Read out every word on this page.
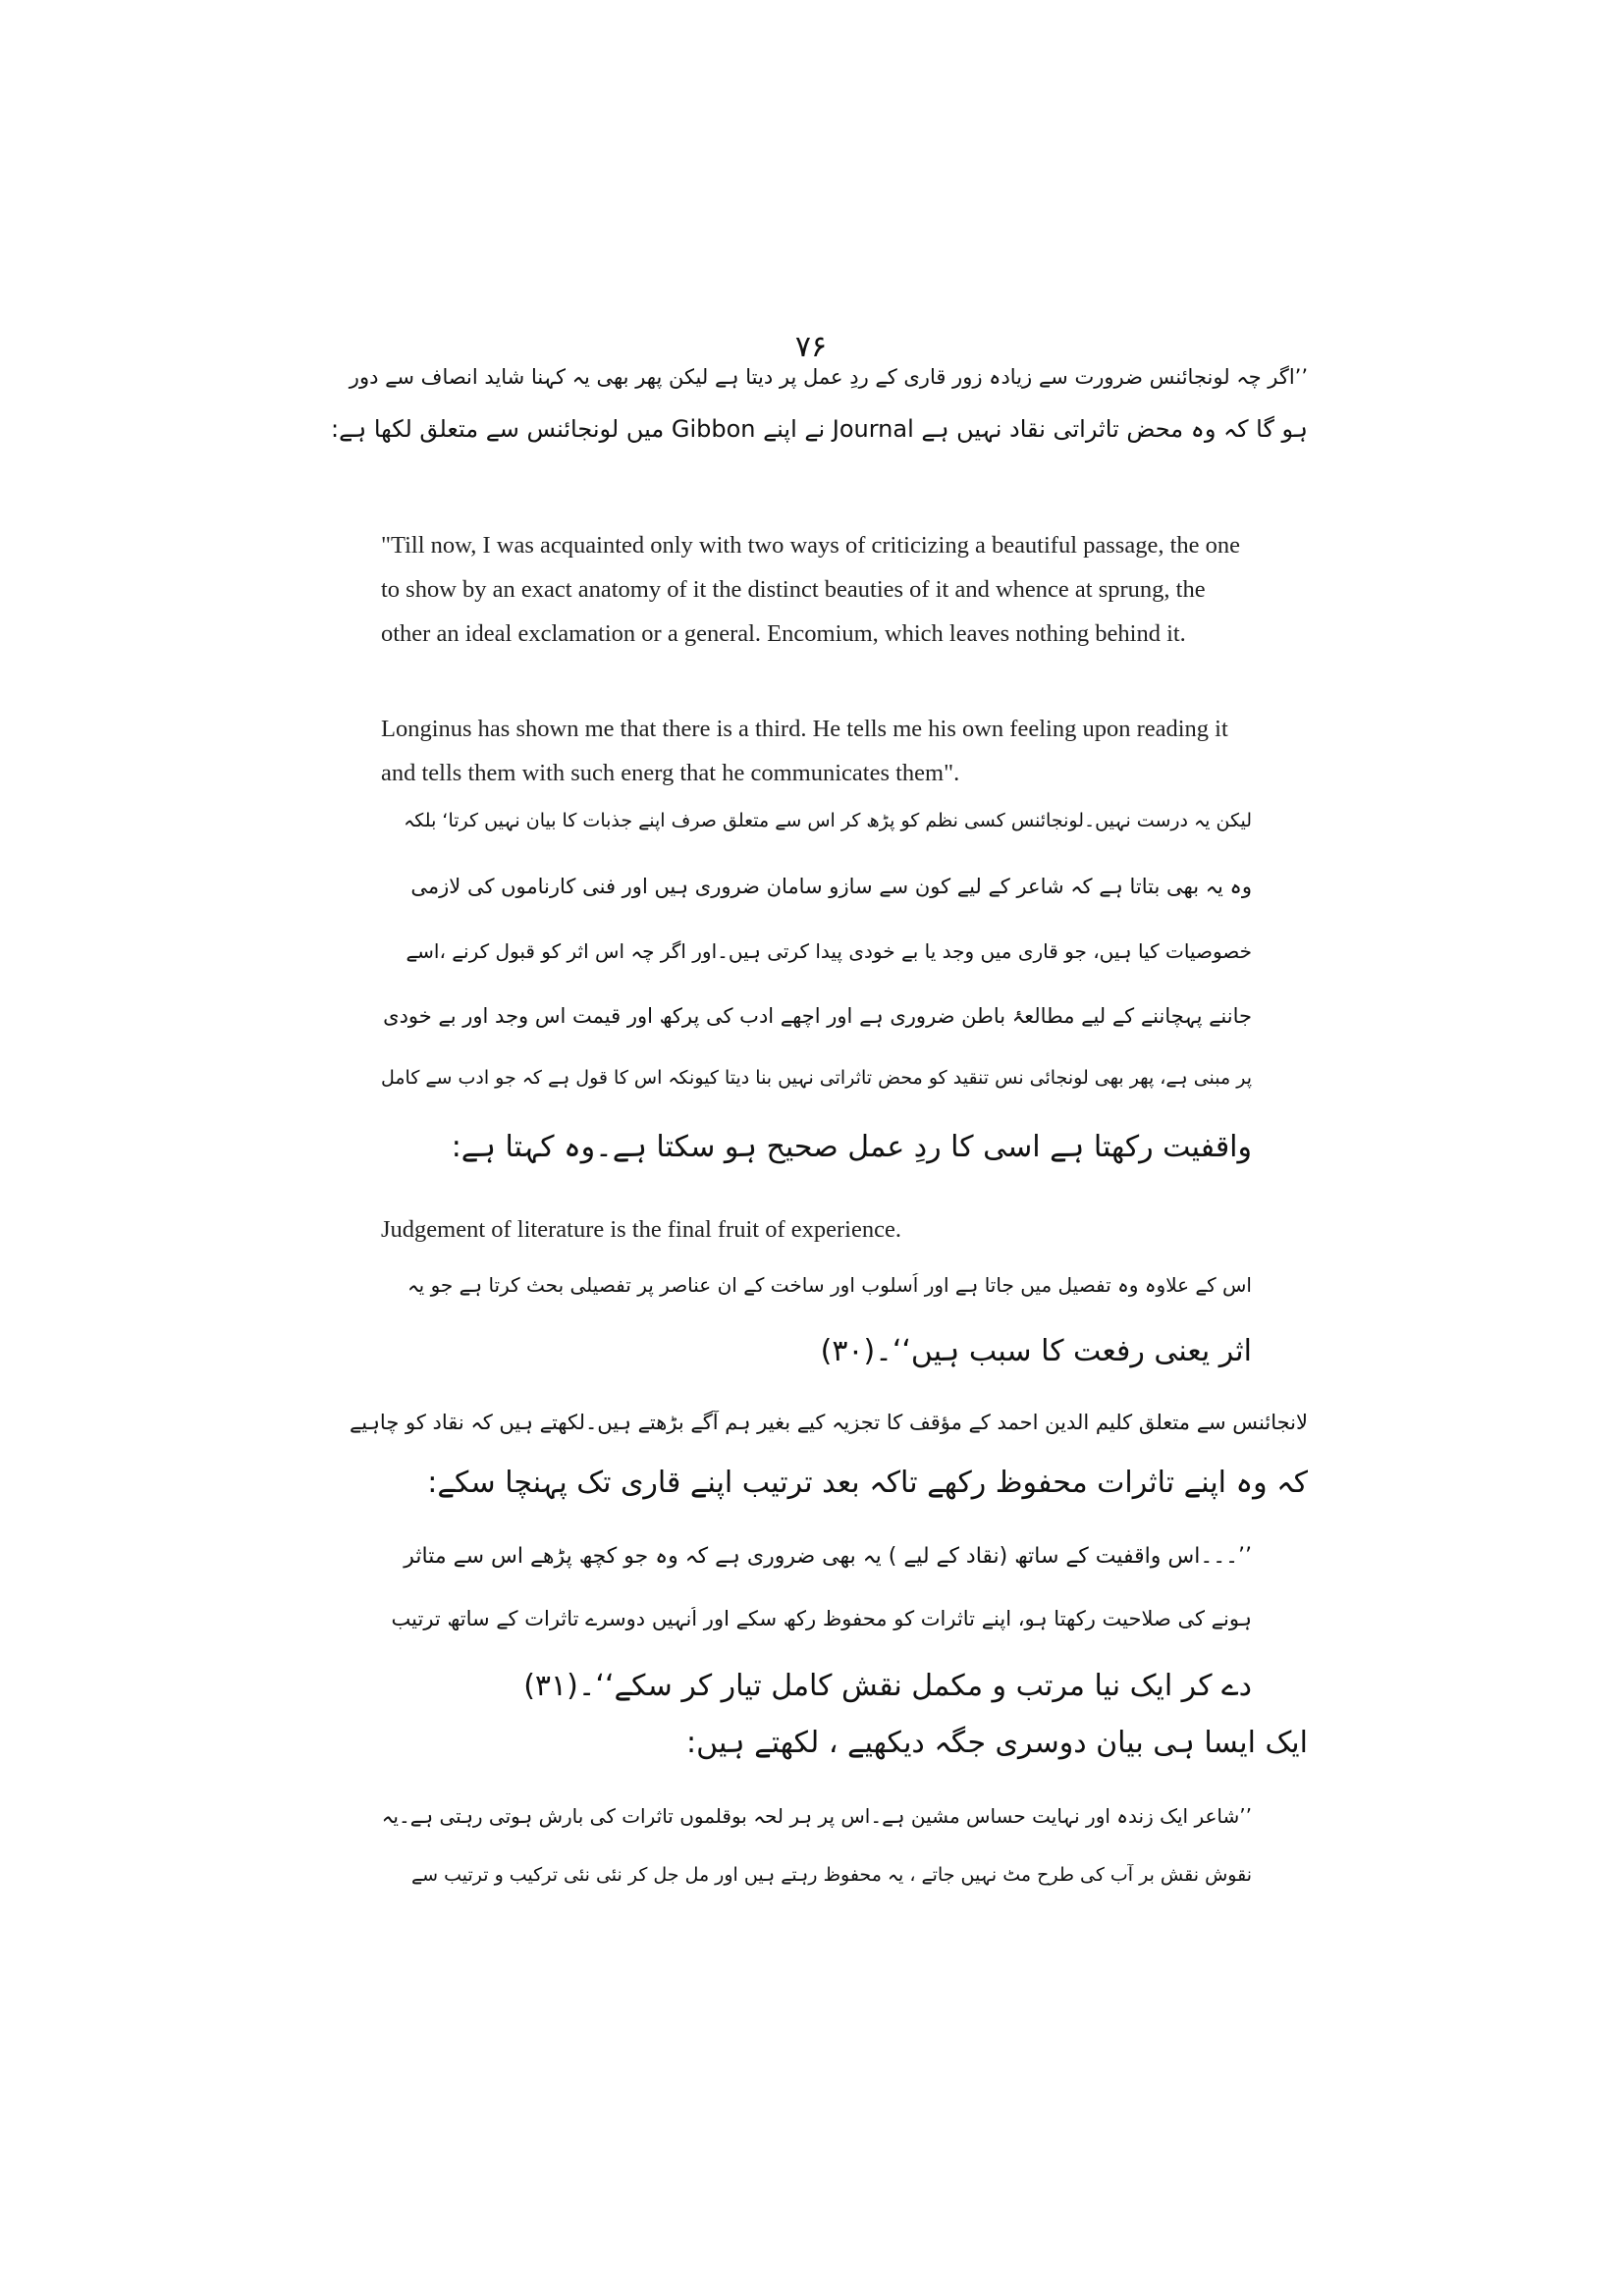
۷۶
’’اگر چہ لونجائنس ضرورت سے زیادہ زور قاری کے ردِ عمل پر دیتا ہے لیکن پھر بھی یہ کہنا شاید انصاف سے دور
ہو گا کہ وہ محض تاثراتی نقاد نہیں ہے Journal نے اپنے Gibbon میں لونجائنس سے متعلق لکھا ہے:

"Till now, I was acquainted only with two ways of criticizing a beautiful passage, the one to show by an exact anatomy of it the distinct beauties of it and whence at sprung, the other an ideal exclamation or a general. Encomium, which leaves nothing behind it.

Longinus has shown me that there is a third. He tells me his own feeling upon reading it and tells them with such energ that he communicates them".

لیکن یہ درست نہیں۔لونجائنس کسی نظم کو پڑھ کر اس سے متعلق صرف اپنے جذبات کا بیان نہیں کرتا‘ بلکہ
وہ یہ بھی بتاتا ہے کہ شاعر کے لیے کون سے سازو سامان ضروری ہیں اور فنی کارناموں کی لازمی
خصوصیات کیا ہیں، جو قاری میں وجد یا بے خودی پیدا کرتی ہیں۔اور اگر چہ اس اثر کو قبول کرنے ،اسے
جاننے پہچاننے کے لیے مطالعۂ باطن ضروری ہے اور اچھے ادب کی پرکھ اور قیمت اس وجد اور بے خودی
پر مبنی ہے، پھر بھی لونجائی نس تنقید کو محض تاثراتی نہیں بنا دیتا کیونکہ اس کا قول ہے کہ جو ادب سے کامل
واقفیت رکھتا ہے اسی کا ردِ عمل صحیح ہو سکتا ہے۔وہ کہتا ہے:

Judgement of literature is the final fruit of experience.

اس کے علاوہ وہ تفصیل میں جاتا ہے اور اُسلوب اور ساخت کے ان عناصر پر تفصیلی بحث کرتا ہے جو یہ
اثر یعنی رفعت کا سبب ہیں‘‘۔(۳۰)
لانجائنس سے متعلق کلیم الدین احمد کے مؤقف کا تجزیہ کیے بغیر ہم آگے بڑھتے ہیں۔لکھتے ہیں کہ نقاد کو چاہیے
کہ وہ اپنے تاثرات محفوظ رکھے تاکہ بعد ترتیب اپنے قاری تک پہنچا سکے:
’’۔۔۔اس واقفیت کے ساتھ (نقاد کے لیے ) یہ بھی ضروری ہے کہ وہ جو کچھ پڑھے اس سے متاثر
ہونے کی صلاحیت رکھتا ہو، اپنے تاثرات کو محفوظ رکھ سکے اور اُنہیں دوسرے تاثرات کے ساتھ ترتیب
دے کر ایک نیا مرتب و مکمل نقش کامل تیار کر سکے‘‘۔(۳۱)
ایک ایسا ہی بیان دوسری جگہ دیکھیے ، لکھتے ہیں:
’’شاعر ایک زندہ اور نہایت حساس مشین ہے۔اس پر ہر لحہ بوقلموں تاثرات کی بارش ہوتی رہتی ہے۔یہ
نقوش نقش بر آب کی طرح مٹ نہیں جاتے ، یہ محفوظ رہتے ہیں اور مل جل کر نئی نئی ترکیب و ترتیب سے
